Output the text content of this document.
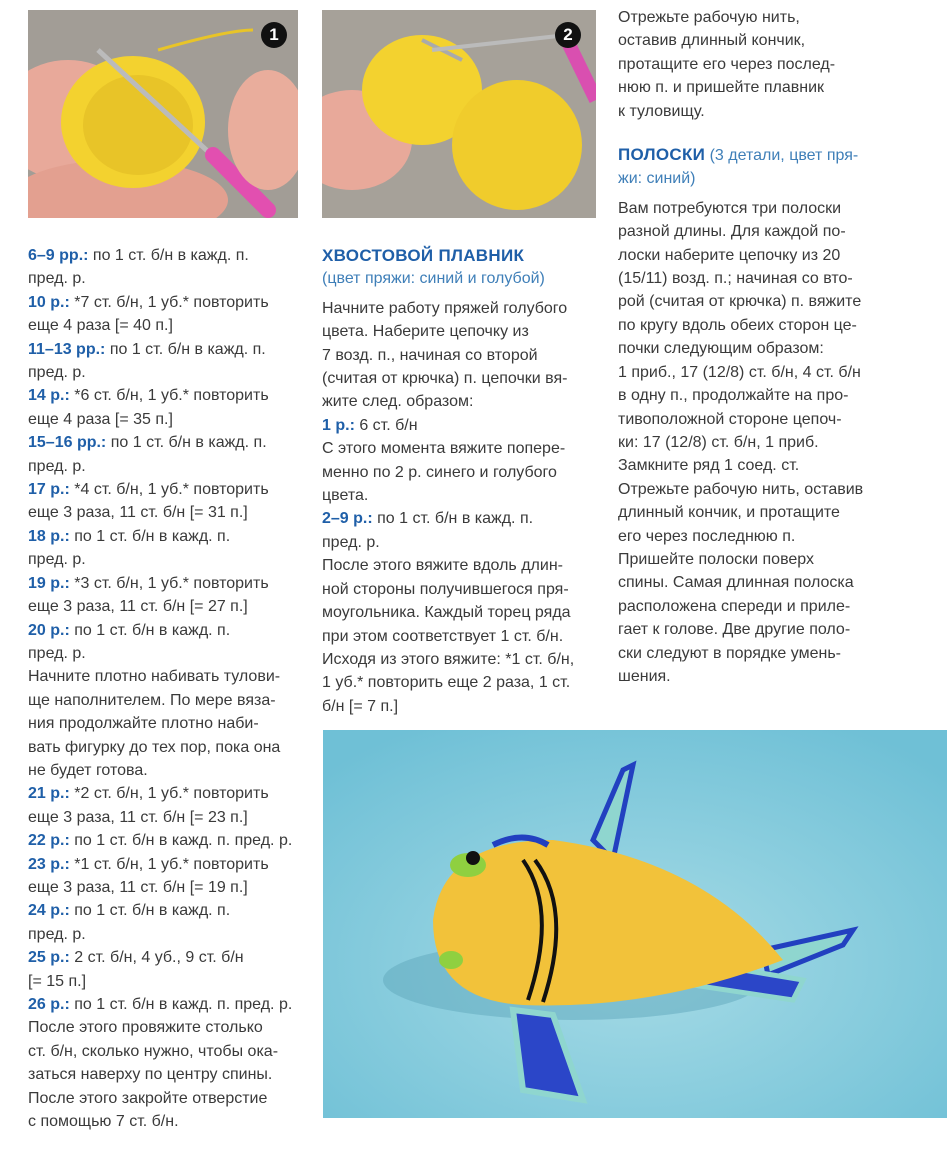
1	2
6–9 рр.: по 1 ст. б/н в кажд. п.
пред. р.
10 р.: *7 ст. б/н, 1 уб.* повторить
еще 4 раза [= 40 п.]
11–13 рр.: по 1 ст. б/н в кажд. п.
пред. р.
14 р.: *6 ст. б/н, 1 уб.* повторить
еще 4 раза [= 35 п.]
15–16 рр.: по 1 ст. б/н в кажд. п.
пред. р.
17 р.: *4 ст. б/н, 1 уб.* повторить
еще 3 раза, 11 ст. б/н [= 31 п.]
18 р.: по 1 ст. б/н в кажд. п.
пред. р.
19 р.: *3 ст. б/н, 1 уб.* повторить
еще 3 раза, 11 ст. б/н [= 27 п.]
20 р.: по 1 ст. б/н в кажд. п.
пред. р.
Начните плотно набивать тулови-
ще наполнителем. По мере вяза-
ния продолжайте плотно наби-
вать фигурку до тех пор, пока она
не будет готова.
21 р.: *2 ст. б/н, 1 уб.* повторить
еще 3 раза, 11 ст. б/н [= 23 п.]
22 р.: по 1 ст. б/н в кажд. п. пред. р.
23 р.: *1 ст. б/н, 1 уб.* повторить
еще 3 раза, 11 ст. б/н [= 19 п.]
24 р.: по 1 ст. б/н в кажд. п.
пред. р.
25 р.: 2 ст. б/н, 4 уб., 9 ст. б/н
[= 15 п.]
26 р.: по 1 ст. б/н в кажд. п. пред. р.
После этого провяжите столько
ст. б/н, сколько нужно, чтобы ока-
заться наверху по центру спины.
После этого закройте отверстие
с помощью 7 ст. б/н.
ХВОСТОВОЙ ПЛАВНИК
(цвет пряжи: синий и голубой)
Начните работу пряжей голубого
цвета. Наберите цепочку из
7 возд. п., начиная со второй
(считая от крючка) п. цепочки вя-
жите след. образом:
1 р.: 6 ст. б/н
С этого момента вяжите попере-
менно по 2 р. синего и голубого
цвета.
2–9 р.: по 1 ст. б/н в кажд. п.
пред. р.
После этого вяжите вдоль длин-
ной стороны получившегося пря-
моугольника. Каждый торец ряда
при этом соответствует 1 ст. б/н.
Исходя из этого вяжите: *1 ст. б/н,
1 уб.* повторить еще 2 раза, 1 ст.
б/н [= 7 п.]
Отрежьте рабочую нить,
оставив длинный кончик,
протащите его через послед-
нюю п. и пришейте плавник
к туловищу.
ПОЛОСКИ (3 детали, цвет пря-
жи: синий)
Вам потребуются три полоски
разной длины. Для каждой по-
лоски наберите цепочку из 20
(15/11) возд. п.; начиная со вто-
рой (считая от крючка) п. вяжите
по кругу вдоль обеих сторон це-
почки следующим образом:
1 приб., 17 (12/8) ст. б/н, 4 ст. б/н
в одну п., продолжайте на про-
тивоположной стороне цепоч-
ки: 17 (12/8) ст. б/н, 1 приб.
Замкните ряд 1 соед. ст.
Отрежьте рабочую нить, оставив
длинный кончик, и протащите
его через последнюю п.
Пришейте полоски поверх
спины. Самая длинная полоска
расположена спереди и приле-
гает к голове. Две другие поло-
ски следуют в порядке умень-
шения.
